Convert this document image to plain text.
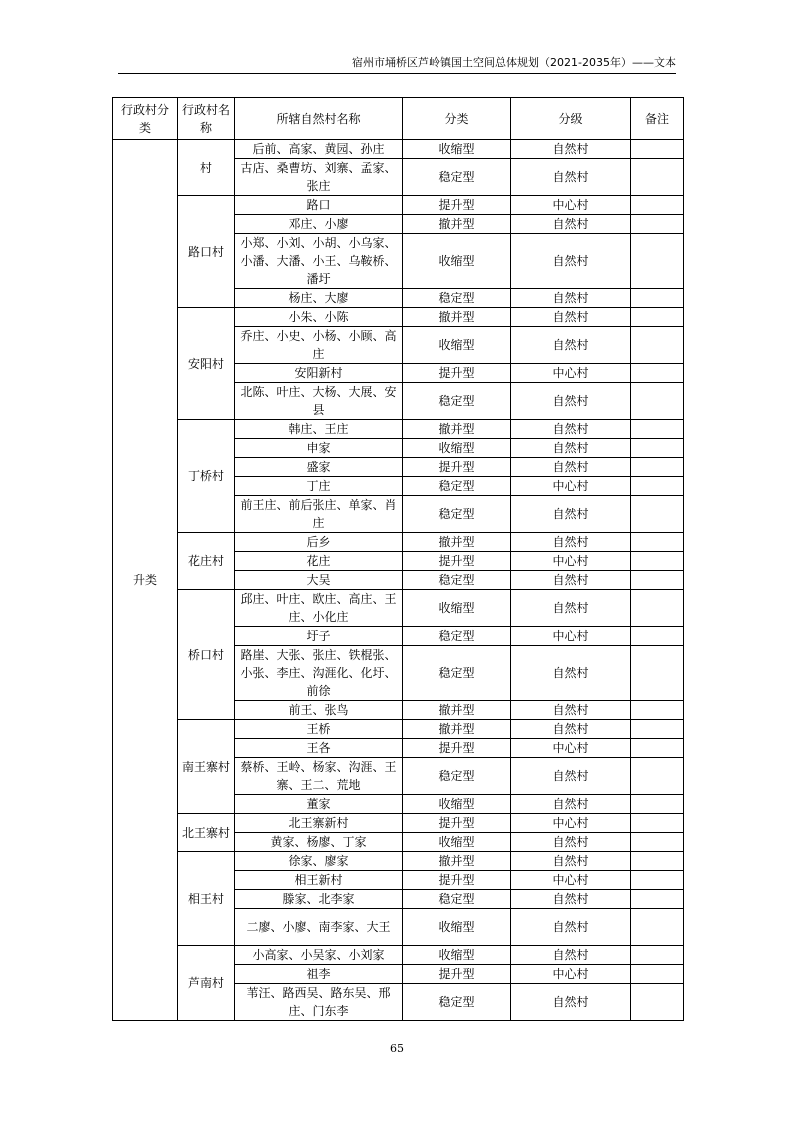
宿州市埇桥区芦岭镇国土空间总体规划（2021-2035年）——文本
行政村分类	行政村名称	所辖自然村名称	分类	分级	备注
升类	村	后前、高家、黄园、孙庄	收缩型	自然村	
		古店、桑曹坊、刘寨、孟家、张庄	稳定型	自然村	
	路口村	路口	提升型	中心村	
		邓庄、小廖	撤并型	自然村	
		小郑、小刘、小胡、小乌家、小潘、大潘、小王、乌鞍桥、潘圩	收缩型	自然村	
		杨庄、大廖	稳定型	自然村	
	安阳村	小朱、小陈	撤并型	自然村	
		乔庄、小史、小杨、小顾、高庄	收缩型	自然村	
		安阳新村	提升型	中心村	
		北陈、叶庄、大杨、大展、安县	稳定型	自然村	
	丁桥村	韩庄、王庄	撤并型	自然村	
		申家	收缩型	自然村	
		盛家	提升型	自然村	
		丁庄	稳定型	中心村	
		前王庄、前后张庄、单家、肖庄	稳定型	自然村	
	花庄村	后乡	撤并型	自然村	
		花庄	提升型	中心村	
		大吴	稳定型	自然村	
	桥口村	邱庄、叶庄、欧庄、高庄、王庄、小化庄	收缩型	自然村	
		圩子	稳定型	中心村	
		路崖、大张、张庄、铁棍张、小张、李庄、沟涯化、化圩、前徐	稳定型	自然村	
		前王、张鸟	撤并型	自然村	
	南王寨村	王桥	撤并型	自然村	
		王各	提升型	中心村	
		蔡桥、王岭、杨家、沟涯、王寨、王二、荒地	稳定型	自然村	
		董家	收缩型	自然村	
	北王寨村	北王寨新村	提升型	中心村	
		黄家、杨廖、丁家	收缩型	自然村	
	相王村	徐家、廖家	撤并型	自然村	
		相王新村	提升型	中心村	
		滕家、北李家	稳定型	自然村	
		二廖、小廖、南李家、大王	收缩型	自然村	
	芦南村	小高家、小吴家、小刘家	收缩型	自然村	
		祖李	提升型	中心村	
		苇汪、路西吴、路东吴、邢庄、门东李	稳定型	自然村	
65
